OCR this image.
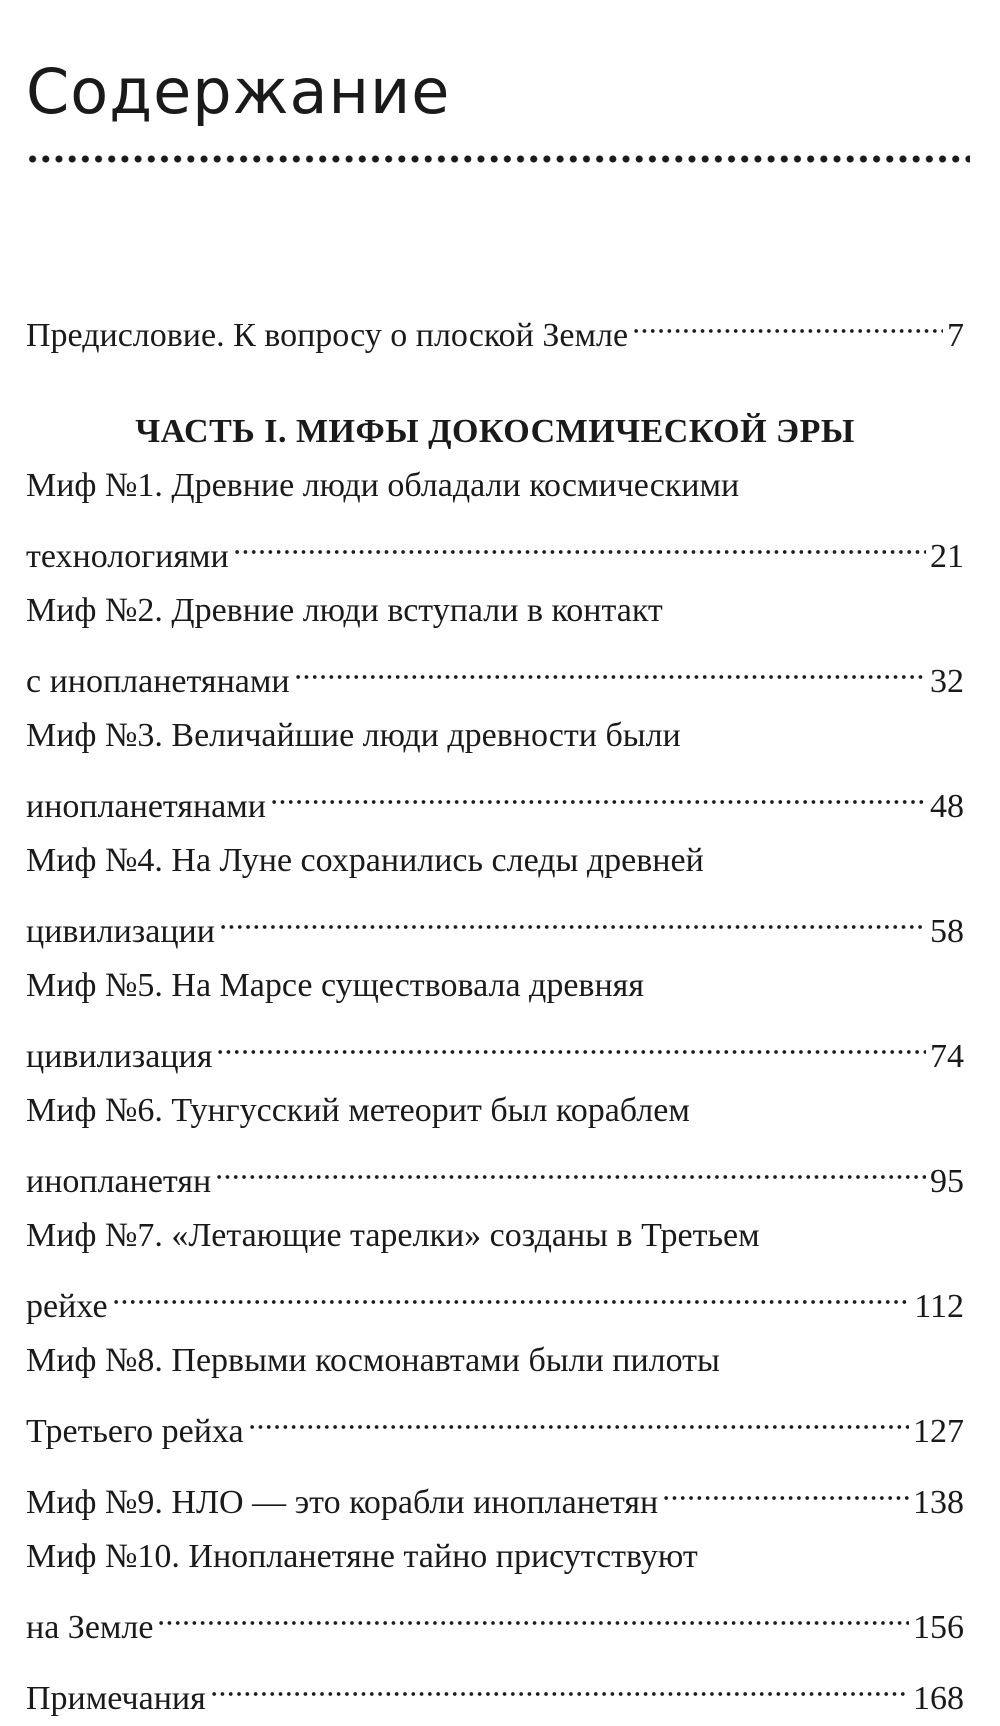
Содержание
Предисловие. К вопросу о плоской Земле	7
ЧАСТЬ I. МИФЫ ДОКОСМИЧЕСКОЙ ЭРЫ
Миф №1. Древние люди обладали космическими
технологиями	21
Миф №2. Древние люди вступали в контакт
с инопланетянами	32
Миф №3. Величайшие люди древности были
инопланетянами	48
Миф №4. На Луне сохранились следы древней
цивилизации	58
Миф №5. На Марсе существовала древняя
цивилизация	74
Миф №6. Тунгусский метеорит был кораблем
инопланетян	95
Миф №7. «Летающие тарелки» созданы в Третьем
рейхе	112
Миф №8. Первыми космонавтами были пилоты
Третьего рейха	127
Миф №9. НЛО — это корабли инопланетян	138
Миф №10. Инопланетяне тайно присутствуют
на Земле	156
Примечания	168
